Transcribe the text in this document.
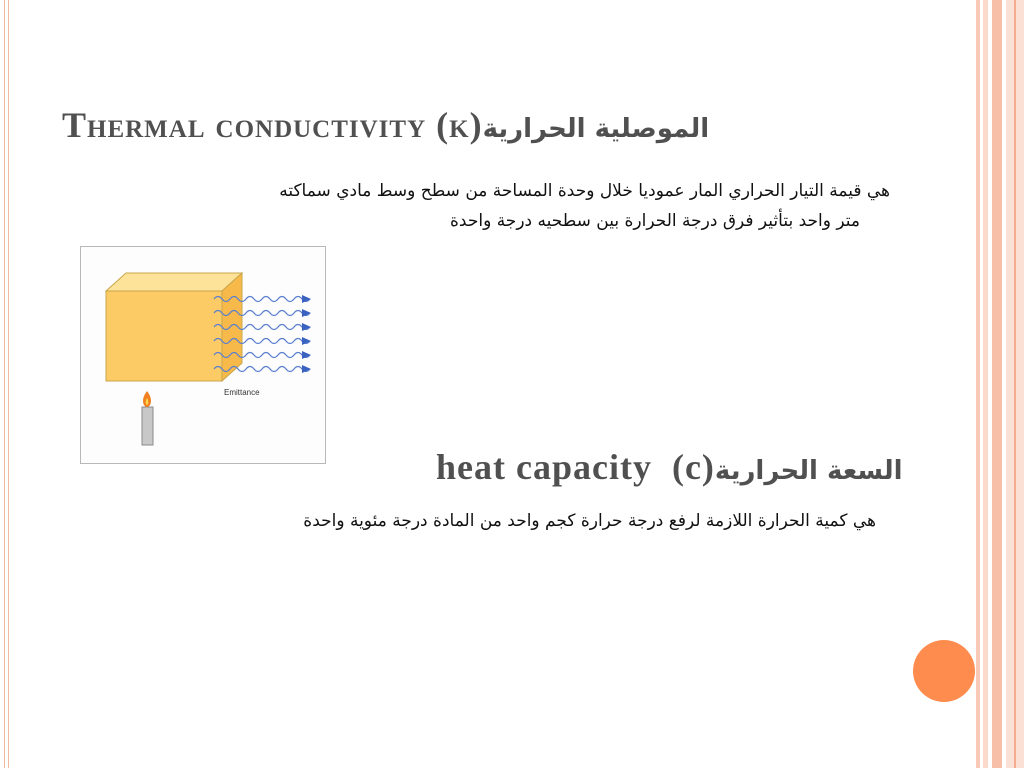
Thermal conductivity (k)الموصلية الحرارية
هي قيمة التيار الحراري المار عموديا خلال وحدة المساحة من سطح وسط مادي سماكته
متر واحد بتأثير فرق درجة الحرارة بين سطحيه درجة واحدة
Emittance
heat capacity  (c)السعة الحرارية
هي كمية الحرارة اللازمة لرفع درجة حرارة كجم واحد من المادة درجة مئوية واحدة
